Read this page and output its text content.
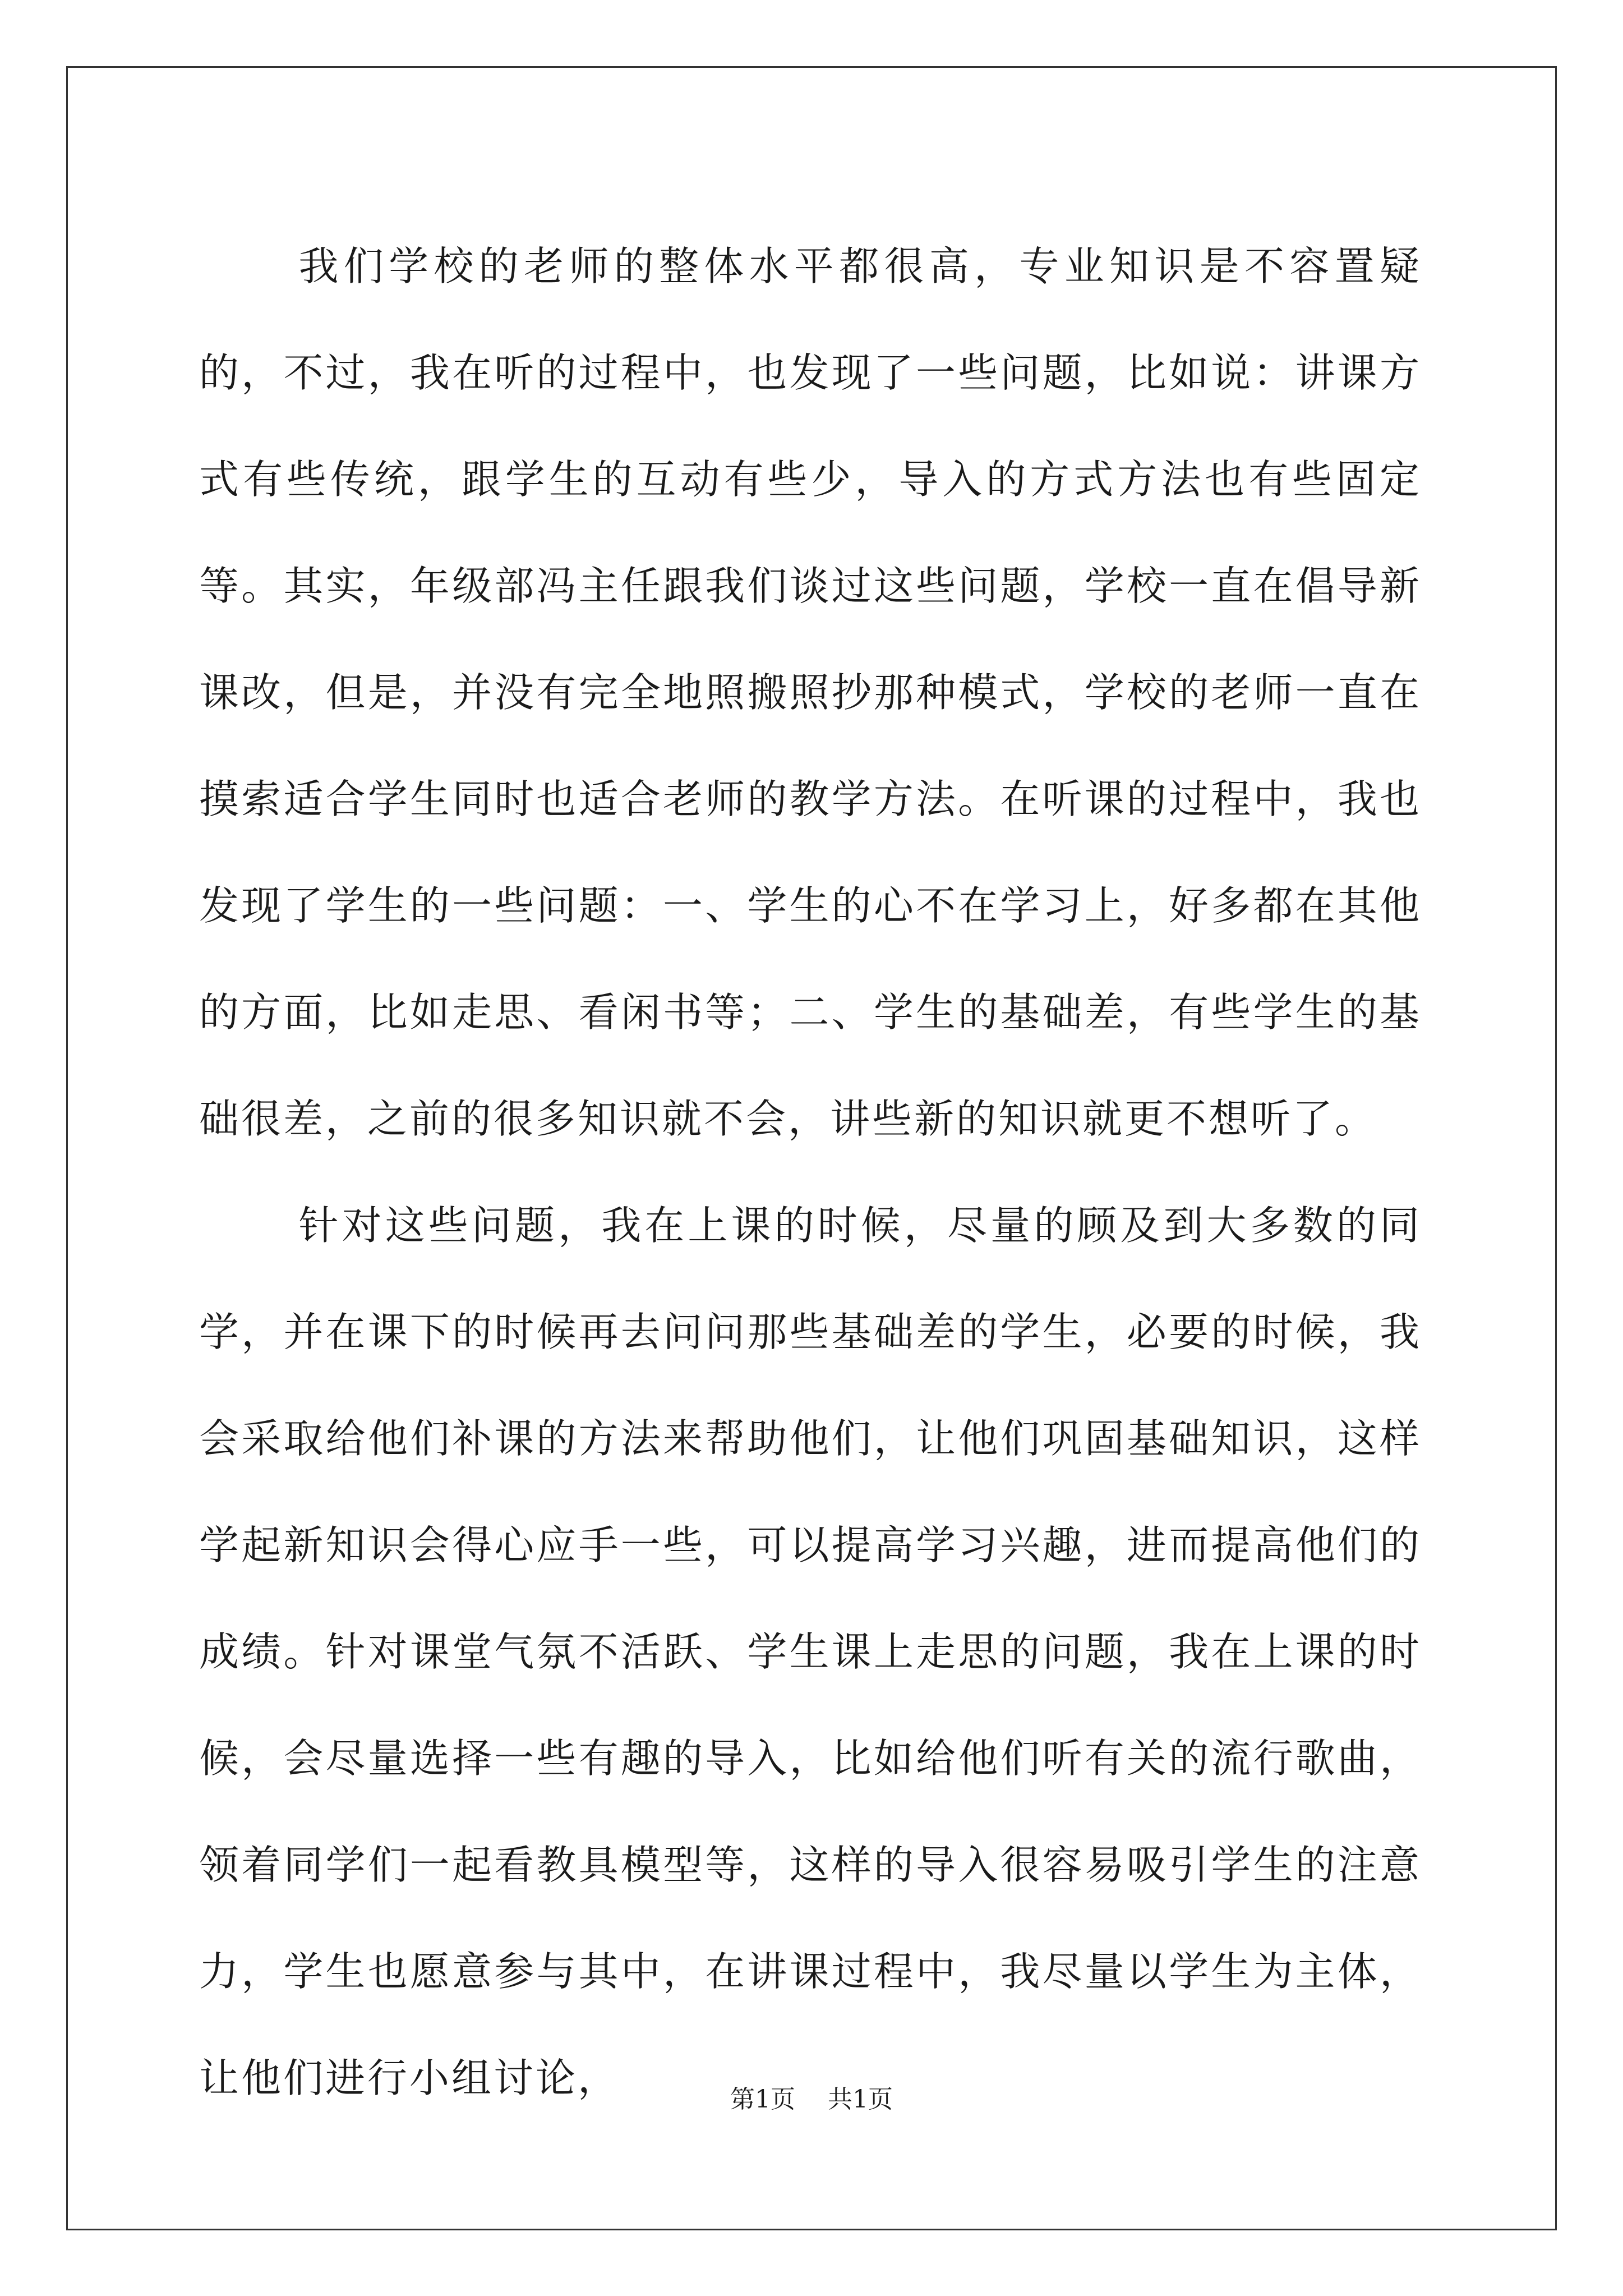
我们学校的老师的整体水平都很高，专业知识是不容置疑的，不过，我在听的过程中，也发现了一些问题，比如说：讲课方式有些传统，跟学生的互动有些少，导入的方式方法也有些固定等。其实，年级部冯主任跟我们谈过这些问题，学校一直在倡导新课改，但是，并没有完全地照搬照抄那种模式，学校的老师一直在摸索适合学生同时也适合老师的教学方法。在听课的过程中，我也发现了学生的一些问题：一、学生的心不在学习上，好多都在其他的方面，比如走思、看闲书等；二、学生的基础差，有些学生的基础很差，之前的很多知识就不会，讲些新的知识就更不想听了。

针对这些问题，我在上课的时候，尽量的顾及到大多数的同学，并在课下的时候再去问问那些基础差的学生，必要的时候，我会采取给他们补课的方法来帮助他们，让他们巩固基础知识，这样学起新知识会得心应手一些，可以提高学习兴趣，进而提高他们的成绩。针对课堂气氛不活跃、学生课上走思的问题，我在上课的时候，会尽量选择一些有趣的导入，比如给他们听有关的流行歌曲，领着同学们一起看教具模型等，这样的导入很容易吸引学生的注意力，学生也愿意参与其中，在讲课过程中，我尽量以学生为主体，让他们进行小组讨论，	第1页 共1页
